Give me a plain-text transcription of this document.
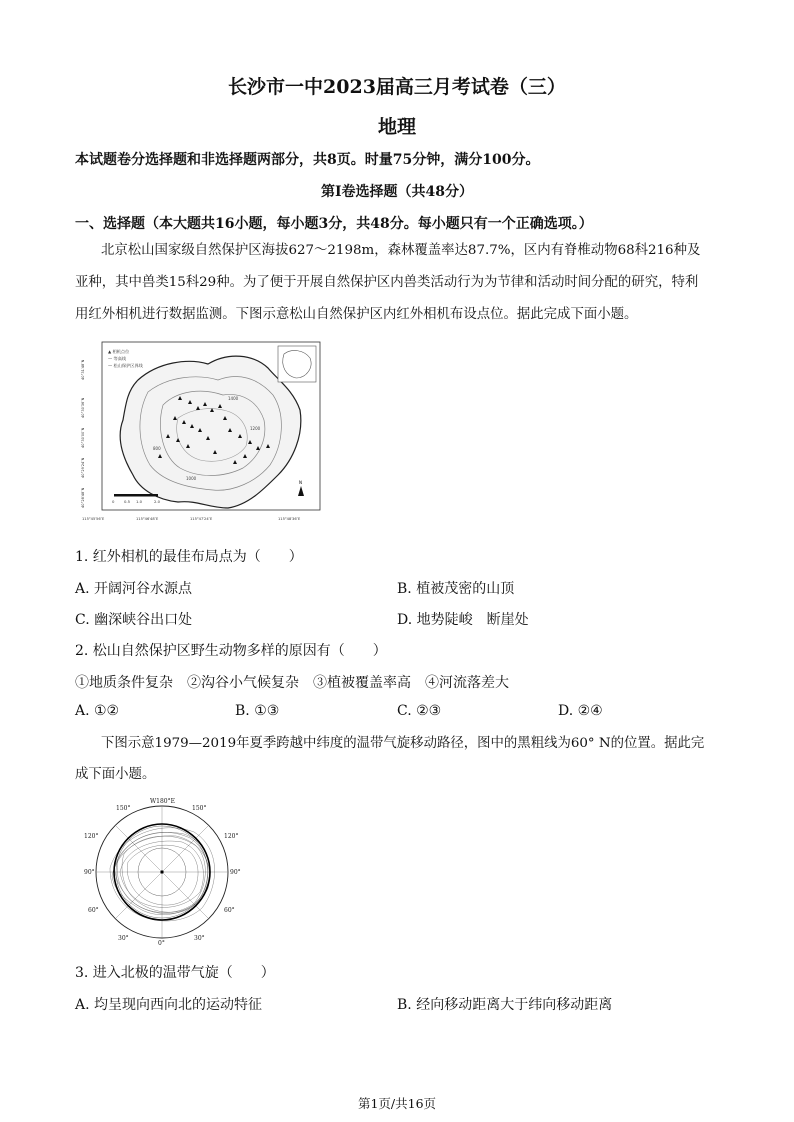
长沙市一中2023届高三月考试卷（三）
地理
本试题卷分选择题和非选择题两部分，共8页。时量75分钟，满分100分。
第Ⅰ卷选择题（共48分）
一、选择题（本大题共16小题，每小题3分，共48分。每小题只有一个正确选项。）
北京松山国家级自然保护区海拔627～2198m，森林覆盖率达87.7%，区内有脊椎动物68科216种及
亚种，其中兽类15科29种。为了便于开展自然保护区内兽类活动行为为节律和活动时间分配的研究，特利
用红外相机进行数据监测。下图示意松山自然保护区内红外相机布设点位。据此完成下面小题。
▲ 相机点位
— 等高线
— 松山保护区界线
1400
1200
1000
800
0	0.5 1.0	2.0
N
115°45′56″E	115°46′48″E	115°47′24″E	115°48′36″E
40°31′48″N
40°30′36″N
40°30′00″N
40°29′24″N
40°28′48″N
1. 红外相机的最佳布局点为（　　）
A. 开阔河谷水源点	B. 植被茂密的山顶
C. 幽深峡谷出口处	D. 地势陡峻　断崖处
2. 松山自然保护区野生动物多样的原因有（　　）
①地质条件复杂　②沟谷小气候复杂　③植被覆盖率高　④河流落差大
A. ①②	B. ①③	C. ②③	D. ②④
下图示意1979—2019年夏季跨越中纬度的温带气旋移动路径，图中的黑粗线为60° N的位置。据此完
成下面小题。
W180°E
150°	150°
120°	120°
90°	90°
60°	60°
30°
0°
30°
3. 进入北极的温带气旋（　　）
A. 均呈现向西向北的运动特征	B. 经向移动距离大于纬向移动距离
第1页/共16页
